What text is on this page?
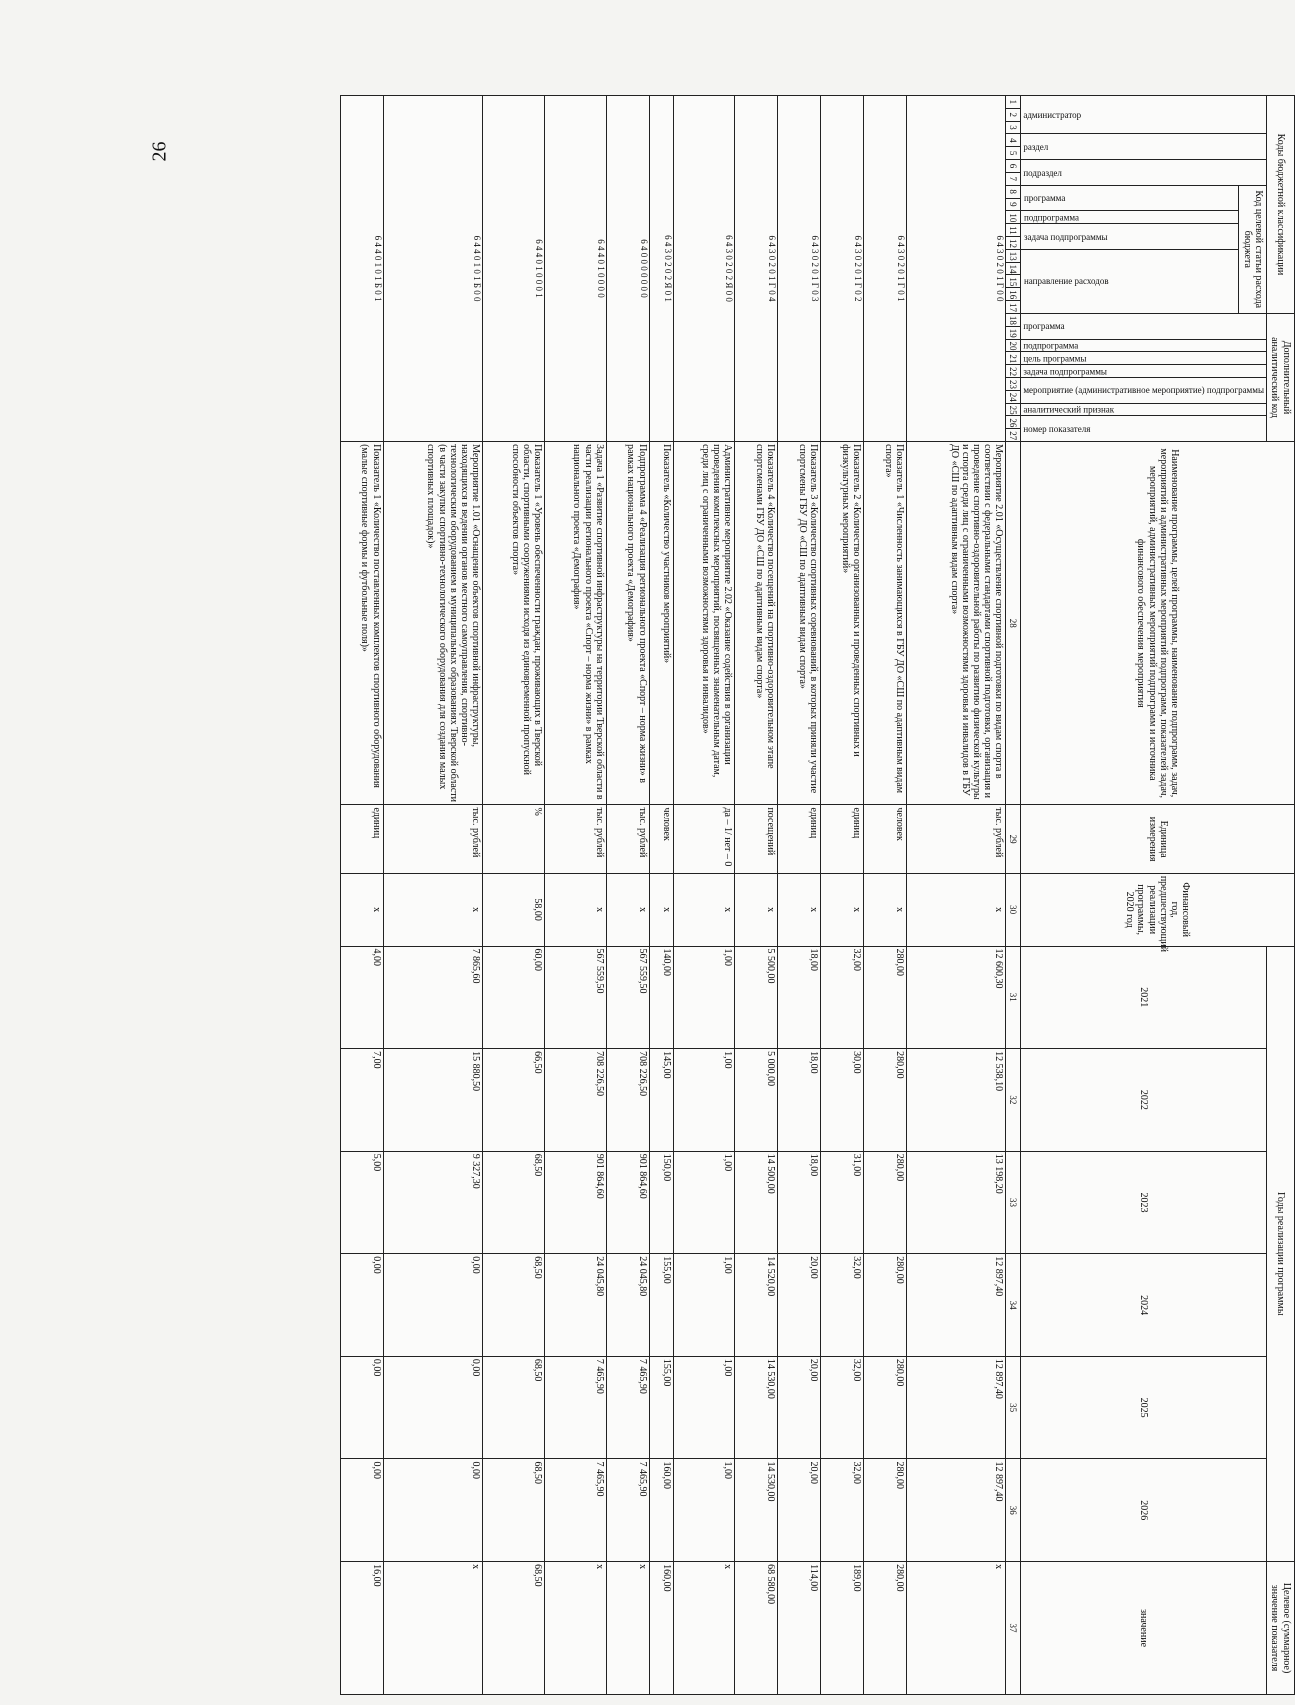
26	Коды бюджетной классификации																	Дополнительный аналитический код										Наименование программы, целей программы, наименование подпрограмм, задач, мероприятий и административных мероприятий подпрограмм, показателей задач, мероприятий, административных мероприятий подпрограмм и источника финансового обеспечения мероприятия	Единица измерения	Финансовый год, предшествующий реализации программы, 2020 год	Годы реализации программы						Целевое (суммарное) значение показателя
администратор			раздел		подраздел		Код целевой статьи расхода бюджета										программа		подпрограмма	цель программы	задача подпрограммы	мероприятие (административное мероприятие) подпрограммы		аналитический признак	номер показателя					2021	2022	2023	2024	2025	2026	значение
							программа		подпрограмма	задача подпрограммы		направление расходов																								
1	2	3	4	5	6	7	8	9	10	11	12	13	14	15	16	17	18	19	20	21	22	23	24	25	26	27	28	29	30	31	32	33	34	35	36	37
6 4 3 0 2 0 1 Г 0 0																											Мероприятие 2.01 «Осуществление спортивной подготовки по видам спорта в соответствии с федеральными стандартами спортивной подготовки, организация и проведение спортивно-оздоровительной работы по развитию физической культуры и спорта среди лиц с ограниченными возможностями здоровья и инвалидов в ГБУ ДО «СШ по адаптивным видам спорта»	тыс. рублей	x	12 600,30	12 538,10	13 198,20	12 897,40	12 897,40	12 897,40	x
6 4 3 0 2 0 1 Г 0 1																											Показатель 1 «Численность занимающихся в ГБУ ДО «СШ по адаптивным видам спорта»	человек	x	280,00	280,00	280,00	280,00	280,00	280,00	280,00
6 4 3 0 2 0 1 Г 0 2																											Показатель 2 «Количество организованных и проведенных спортивных и физкультурных мероприятий»	единиц	x	32,00	30,00	31,00	32,00	32,00	32,00	189,00
6 4 3 0 2 0 1 Г 0 3																											Показатель 3 «Количество спортивных соревнований, в которых приняли участие спортсмены ГБУ ДО «СШ по адаптивным видам спорта»	единиц	x	18,00	18,00	18,00	20,00	20,00	20,00	114,00
6 4 3 0 2 0 1 Г 0 4																											Показатель 4 «Количество посещений на спортивно-оздоровительном этапе спортсменами ГБУ ДО «СШ по адаптивным видам спорта»	посещений	x	5 500,00	5 000,00	14 500,00	14 520,00	14 530,00	14 530,00	68 580,00
6 4 3 0 2 0 2 Я 0 0																											Административное мероприятие 2.02 «Оказание содействия в организации проведения комплексных мероприятий, посвященных знаменательным датам, среди лиц с ограниченными возможностями здоровья и инвалидов»	да – 1/ нет – 0	x	1,00	1,00	1,00	1,00	1,00	1,00	x
6 4 3 0 2 0 2 Я 0 1																											Показатель «Количество участников мероприятий»	человек	x	140,00	145,00	150,00	155,00	155,00	160,00	160,00
6 4 0 0 0 0 0 0 0																											Подпрограмма 4 «Реализация регионального проекта «Спорт – норма жизни» в рамках национального проекта «Демография»	тыс. рублей	x	567 559,50	708 226,50	901 864,60	24 045,80	7 465,90	7 465,90	x
6 4 4 0 1 0 0 0 0																											Задача 1 «Развитие спортивной инфраструктуры на территории Тверской области в части реализации регионального проекта «Спорт – норма жизни» в рамках национального проекта «Демография»	тыс. рублей	x	567 559,50	708 226,50	901 864,60	24 045,80	7 465,90	7 465,90	x
6 4 4 0 1 0 0 0 1																											Показатель 1 «Уровень обеспеченности граждан, проживающих в Тверской области, спортивными сооружениями исходя из единовременной пропускной способности объектов спорта»	%	58,00	60,00	66,50	68,50	68,50	68,50	68,50	68,50
6 4 4 0 1 0 1 Б 0 0																											Мероприятие 1.01 «Оснащение объектов спортивной инфраструктуры, находящихся в ведении органов местного самоуправления, спортивно-технологическим оборудованием в муниципальных образованиях Тверской области (в части закупки спортивно-технологического оборудования для создания малых спортивных площадок)»	тыс. рублей	x	7 865,60	15 880,50	9 327,30	0,00	0,00	0,00	x
6 4 4 0 1 0 1 Б 0 1																											Показатель 1 «Количество поставленных комплектов спортивного оборудования (малые спортивные формы и футбольные поля)»	единиц	x	4,00	7,00	5,00	0,00	0,00	0,00	16,00
